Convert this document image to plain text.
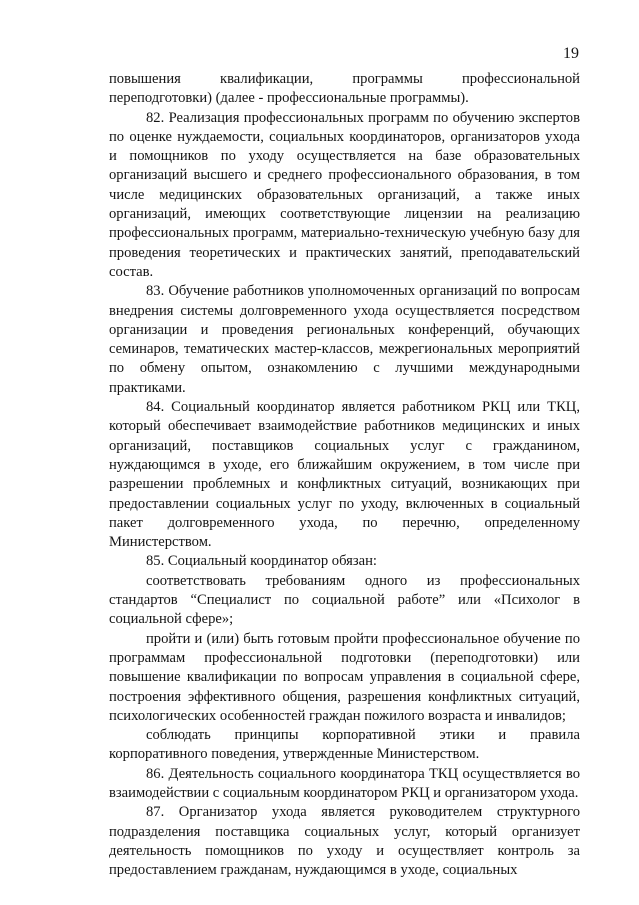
19

повышения квалификации, программы профессиональной переподготовки) (далее - профессиональные программы).

82. Реализация профессиональных программ по обучению экспертов по оценке нуждаемости, социальных координаторов, организаторов ухода и помощников по уходу осуществляется на базе образовательных организаций высшего и среднего профессионального образования, в том числе медицинских образовательных организаций, а также иных организаций, имеющих соответствующие лицензии на реализацию профессиональных программ, материально-техническую учебную базу для проведения теоретических и практических занятий, преподавательский состав.

83. Обучение работников уполномоченных организаций по вопросам внедрения системы долговременного ухода осуществляется посредством организации и проведения региональных конференций, обучающих семинаров, тематических мастер-классов, межрегиональных мероприятий по обмену опытом, ознакомлению с лучшими международными практиками.

84. Социальный координатор является работником РКЦ или ТКЦ, который обеспечивает взаимодействие работников медицинских и иных организаций, поставщиков социальных услуг с гражданином, нуждающимся в уходе, его ближайшим окружением, в том числе при разрешении проблемных и конфликтных ситуаций, возникающих при предоставлении социальных услуг по уходу, включенных в социальный пакет долговременного ухода, по перечню, определенному Министерством.

85. Социальный координатор обязан:

соответствовать требованиям одного из профессиональных стандартов “Специалист по социальной работе” или «Психолог в социальной сфере»;

пройти и (или) быть готовым пройти профессиональное обучение по программам профессиональной подготовки (переподготовки) или повышение квалификации по вопросам управления в социальной сфере, построения эффективного общения, разрешения конфликтных ситуаций, психологических особенностей граждан пожилого возраста и инвалидов;

соблюдать принципы корпоративной этики и правила корпоративного поведения, утвержденные Министерством.

86. Деятельность социального координатора ТКЦ осуществляется во взаимодействии с социальным координатором РКЦ и организатором ухода.

87. Организатор ухода является руководителем структурного подразделения поставщика социальных услуг, который организует деятельность помощников по уходу и осуществляет контроль за предоставлением гражданам, нуждающимся в уходе, социальных
